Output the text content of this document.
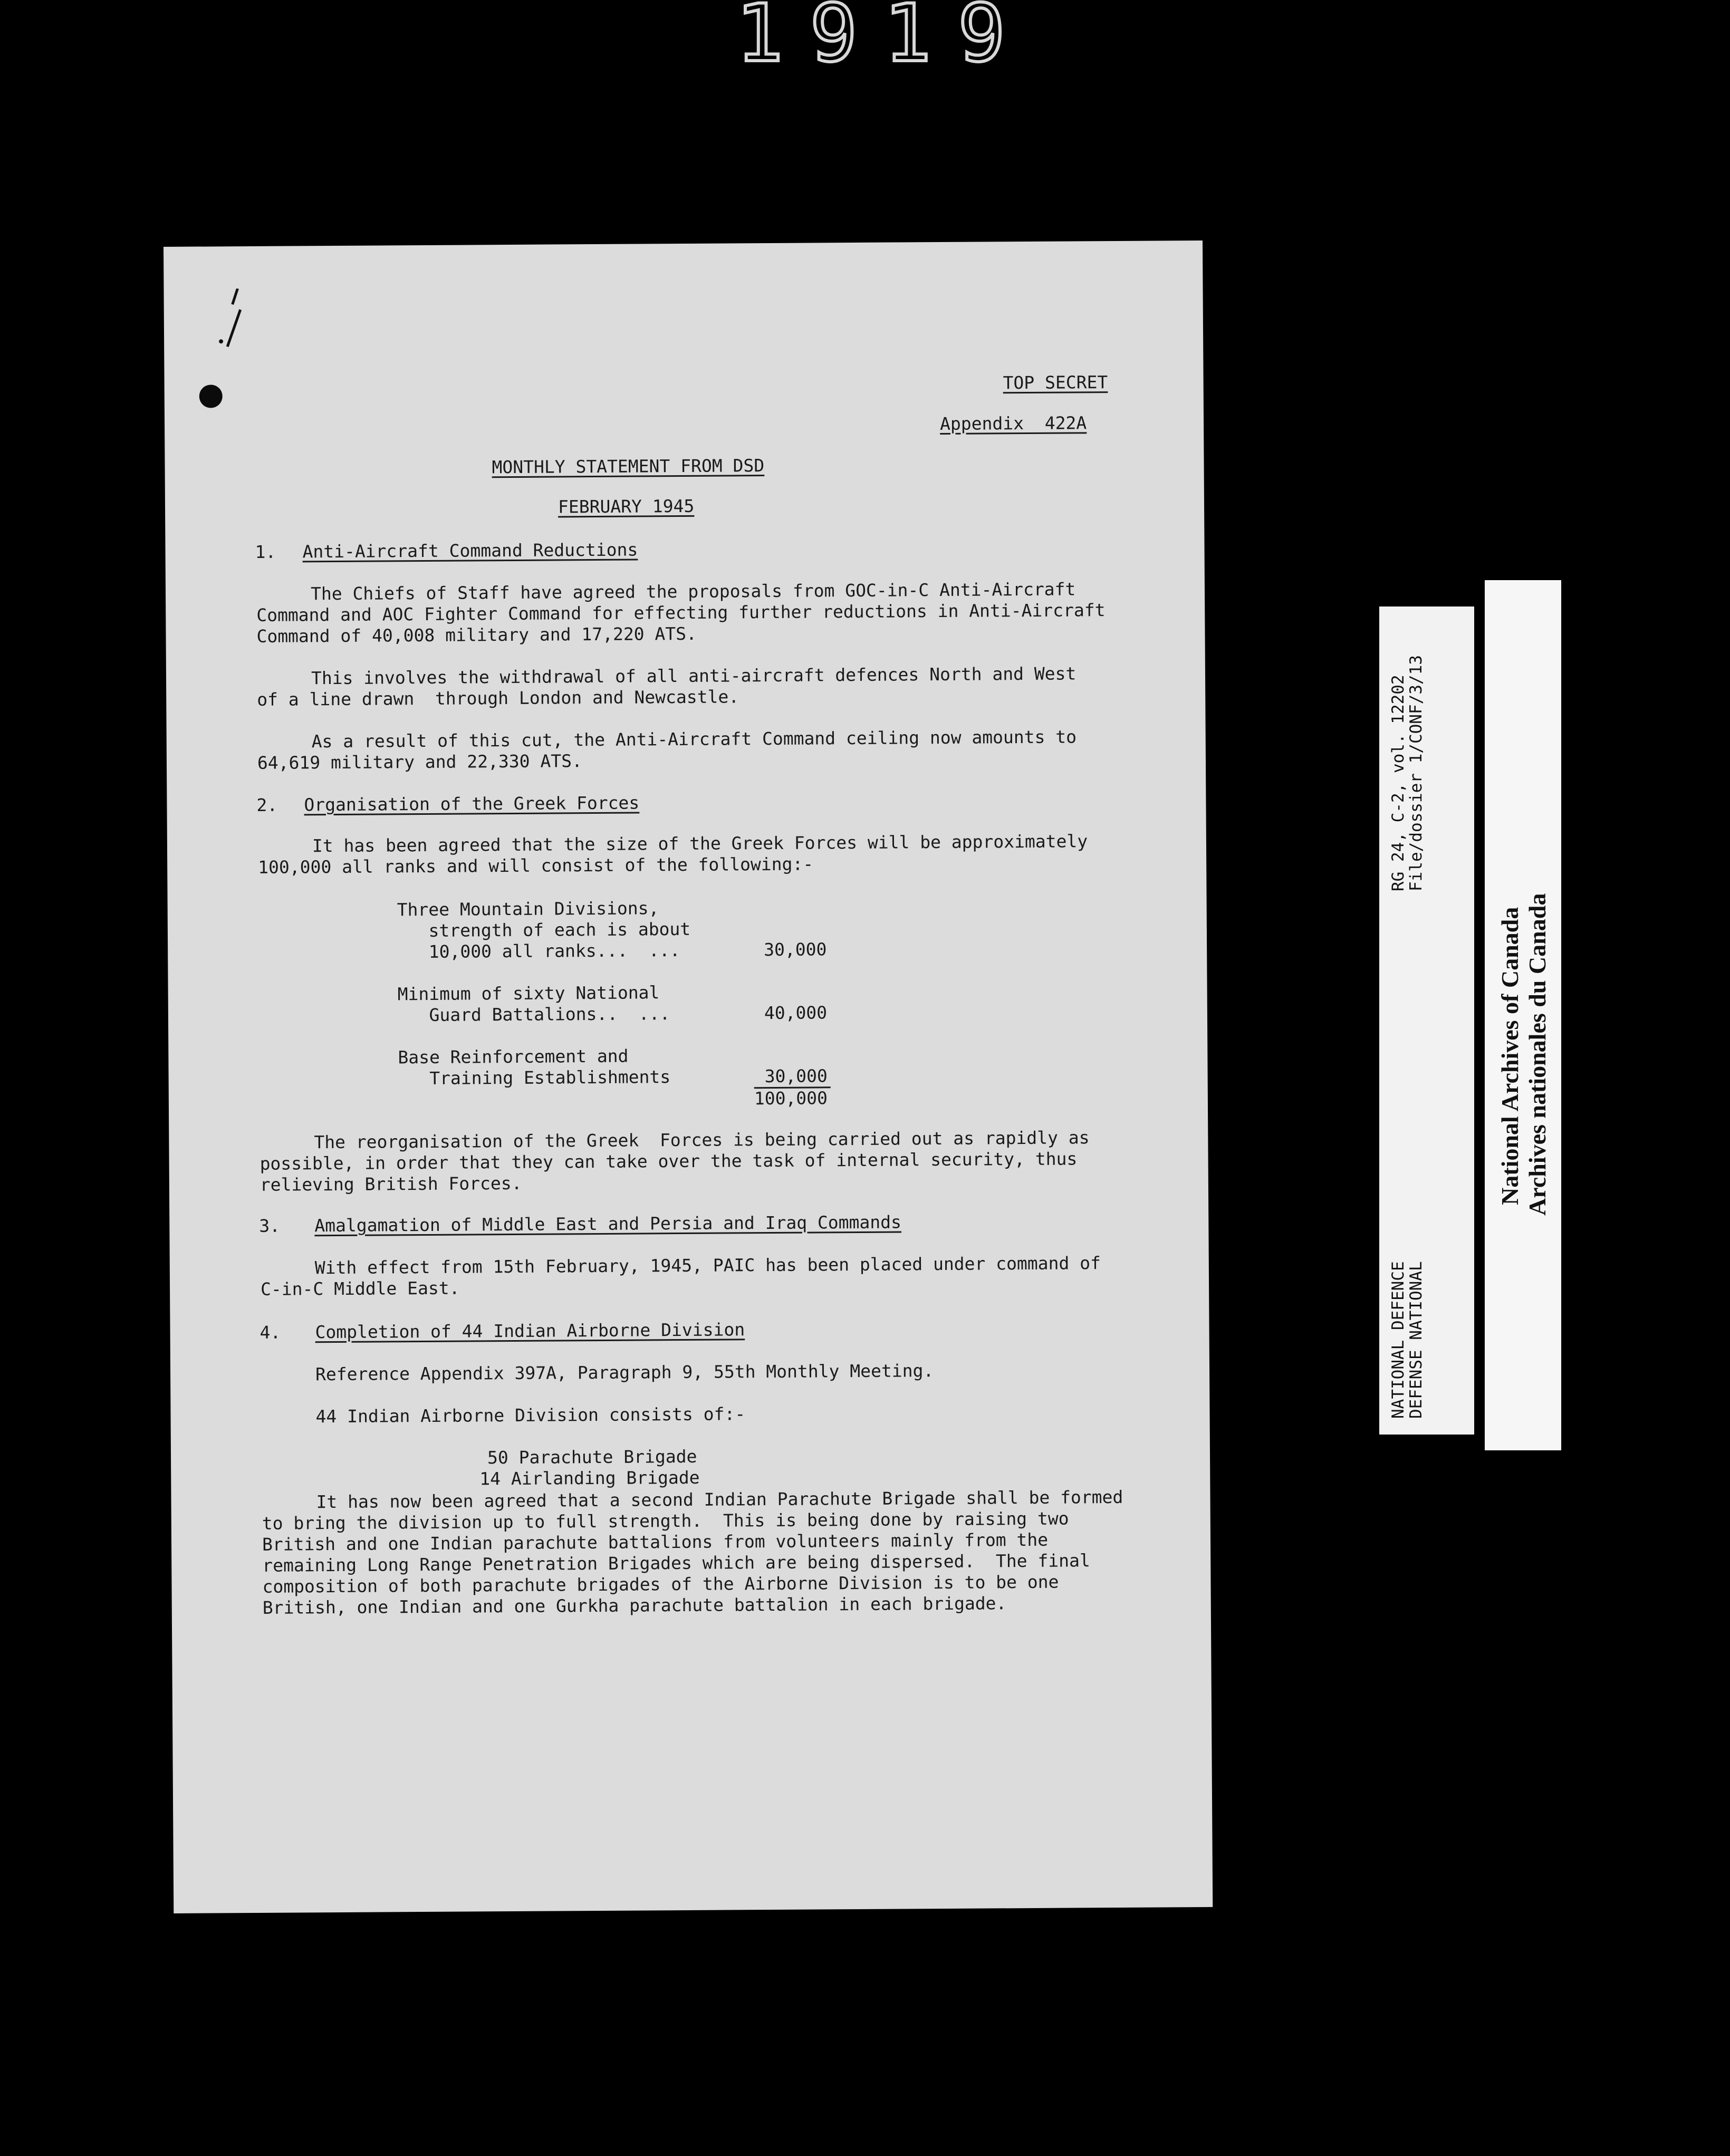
1919
TOP SECRET
Appendix  422A
MONTHLY STATEMENT FROM DSD
FEBRUARY 1945
1. Anti-Aircraft Command Reductions
The Chiefs of Staff have agreed the proposals from GOC-in-C Anti-Aircraft
Command and AOC Fighter Command for effecting further reductions in Anti-Aircraft
Command of 40,008 military and 17,220 ATS.
This involves the withdrawal of all anti-aircraft defences North and West
of a line drawn  through London and Newcastle.
As a result of this cut, the Anti-Aircraft Command ceiling now amounts to
64,619 military and 22,330 ATS.
2. Organisation of the Greek Forces
It has been agreed that the size of the Greek Forces will be approximately
100,000 all ranks and will consist of the following:-
Three Mountain Divisions,
strength of each is about
10,000 all ranks...  ...	30,000
Minimum of sixty National
Guard Battalions..  ...	40,000
Base Reinforcement and
Training Establishments	30,000
100,000
The reorganisation of the Greek  Forces is being carried out as rapidly as
possible, in order that they can take over the task of internal security, thus
relieving British Forces.
3. Amalgamation of Middle East and Persia and Iraq Commands
With effect from 15th February, 1945, PAIC has been placed under command of
C-in-C Middle East.
4. Completion of 44 Indian Airborne Division
Reference Appendix 397A, Paragraph 9, 55th Monthly Meeting.
44 Indian Airborne Division consists of:-
50 Parachute Brigade
14 Airlanding Brigade
It has now been agreed that a second Indian Parachute Brigade shall be formed
to bring the division up to full strength.  This is being done by raising two
British and one Indian parachute battalions from volunteers mainly from the
remaining Long Range Penetration Brigades which are being dispersed.  The final
composition of both parachute brigades of the Airborne Division is to be one
British, one Indian and one Gurkha parachute battalion in each brigade.
RG 24, C-2, vol. 12202
File/dossier 1/CONF/3/13
NATIONAL DEFENCE
DEFENSE NATIONAL
National Archives of Canada Archives nationales du Canada
